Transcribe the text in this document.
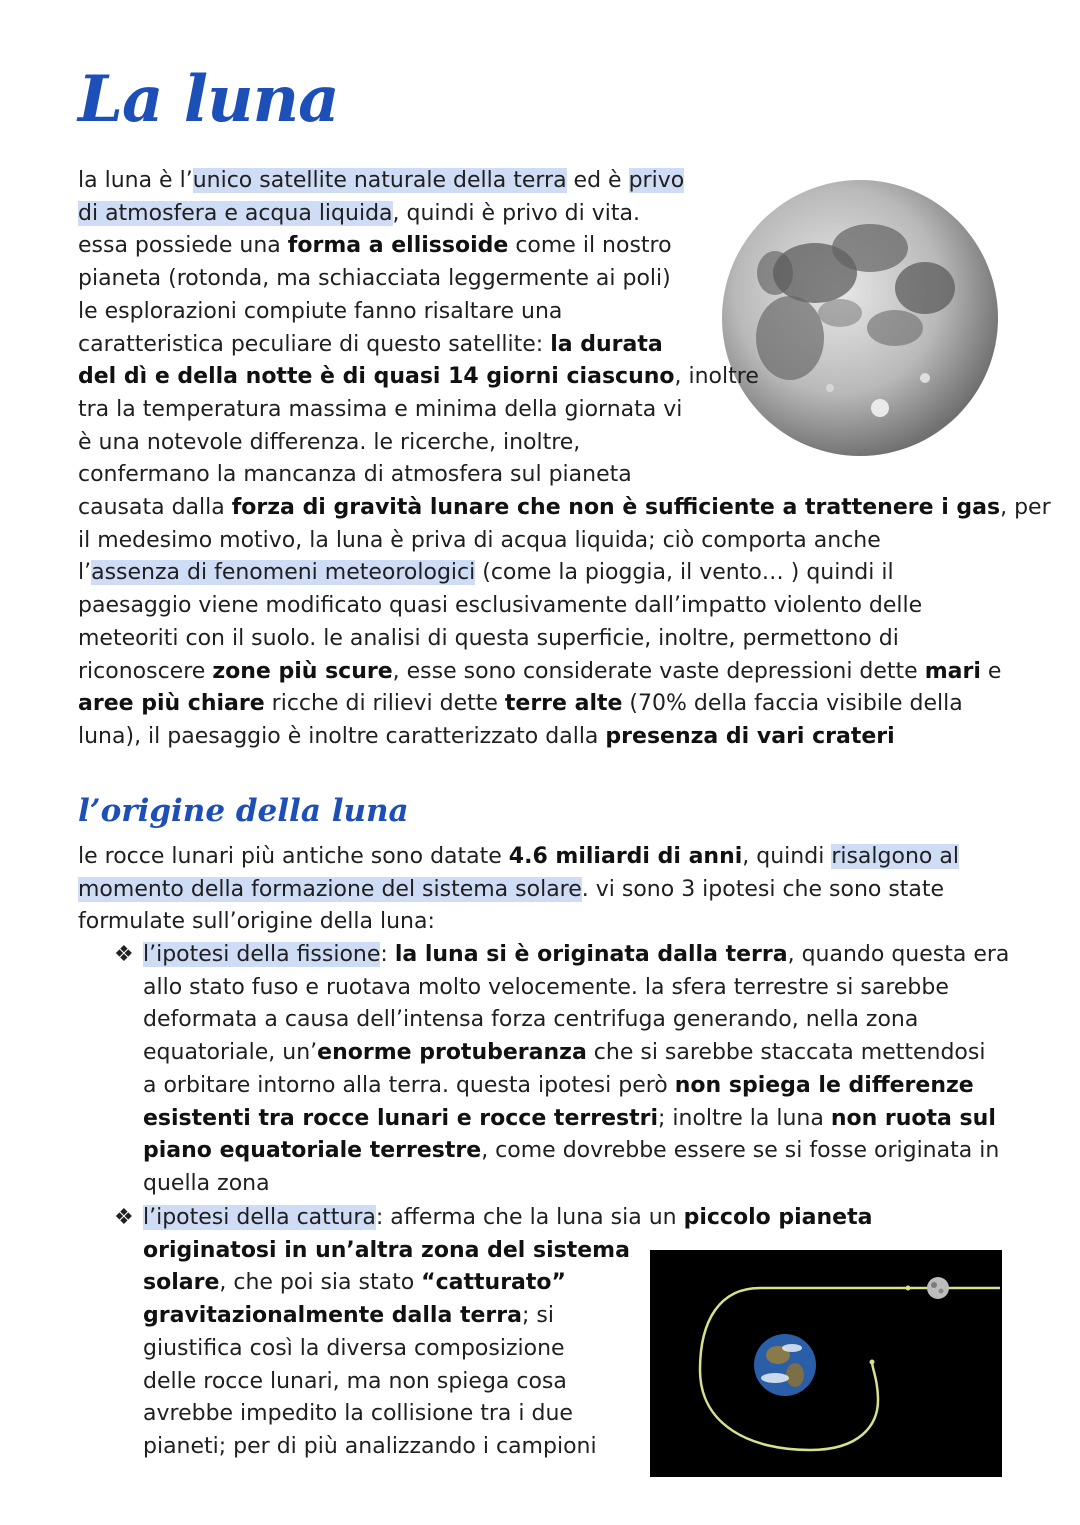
La luna
la luna è l’unico satellite naturale della terra ed è privo
di atmosfera e acqua liquida, quindi è privo di vita.
essa possiede una forma a ellissoide come il nostro
pianeta (rotonda, ma schiacciata leggermente ai poli)
le esplorazioni compiute fanno risaltare una
caratteristica peculiare di questo satellite: la durata
del dì e della notte è di quasi 14 giorni ciascuno, inoltre
tra la temperatura massima e minima della giornata vi
è una notevole differenza. le ricerche, inoltre,
confermano la mancanza di atmosfera sul pianeta
causata dalla forza di gravità lunare che non è sufficiente a trattenere i gas, per
il medesimo motivo, la luna è priva di acqua liquida; ciò comporta anche
l’assenza di fenomeni meteorologici (come la pioggia, il vento… ) quindi il
paesaggio viene modificato quasi esclusivamente dall’impatto violento delle
meteoriti con il suolo. le analisi di questa superficie, inoltre, permettono di
riconoscere zone più scure, esse sono considerate vaste depressioni dette mari e
aree più chiare ricche di rilievi dette terre alte (70% della faccia visibile della
luna), il paesaggio è inoltre caratterizzato dalla presenza di vari crateri
l’origine della luna
le rocce lunari più antiche sono datate 4.6 miliardi di anni, quindi risalgono al
momento della formazione del sistema solare. vi sono 3 ipotesi che sono state
formulate sull’origine della luna:
❖ l’ipotesi della fissione: la luna si è originata dalla terra, quando questa era
allo stato fuso e ruotava molto velocemente. la sfera terrestre si sarebbe
deformata a causa dell’intensa forza centrifuga generando, nella zona
equatoriale, un’enorme protuberanza che si sarebbe staccata mettendosi
a orbitare intorno alla terra. questa ipotesi però non spiega le differenze
esistenti tra rocce lunari e rocce terrestri; inoltre la luna non ruota sul
piano equatoriale terrestre, come dovrebbe essere se si fosse originata in
quella zona
❖ l’ipotesi della cattura: afferma che la luna sia un piccolo pianeta
originatosi in un’altra zona del sistema
solare, che poi sia stato “catturato”
gravitazionalmente dalla terra; si
giustifica così la diversa composizione
delle rocce lunari, ma non spiega cosa
avrebbe impedito la collisione tra i due
pianeti; per di più analizzando i campioni
